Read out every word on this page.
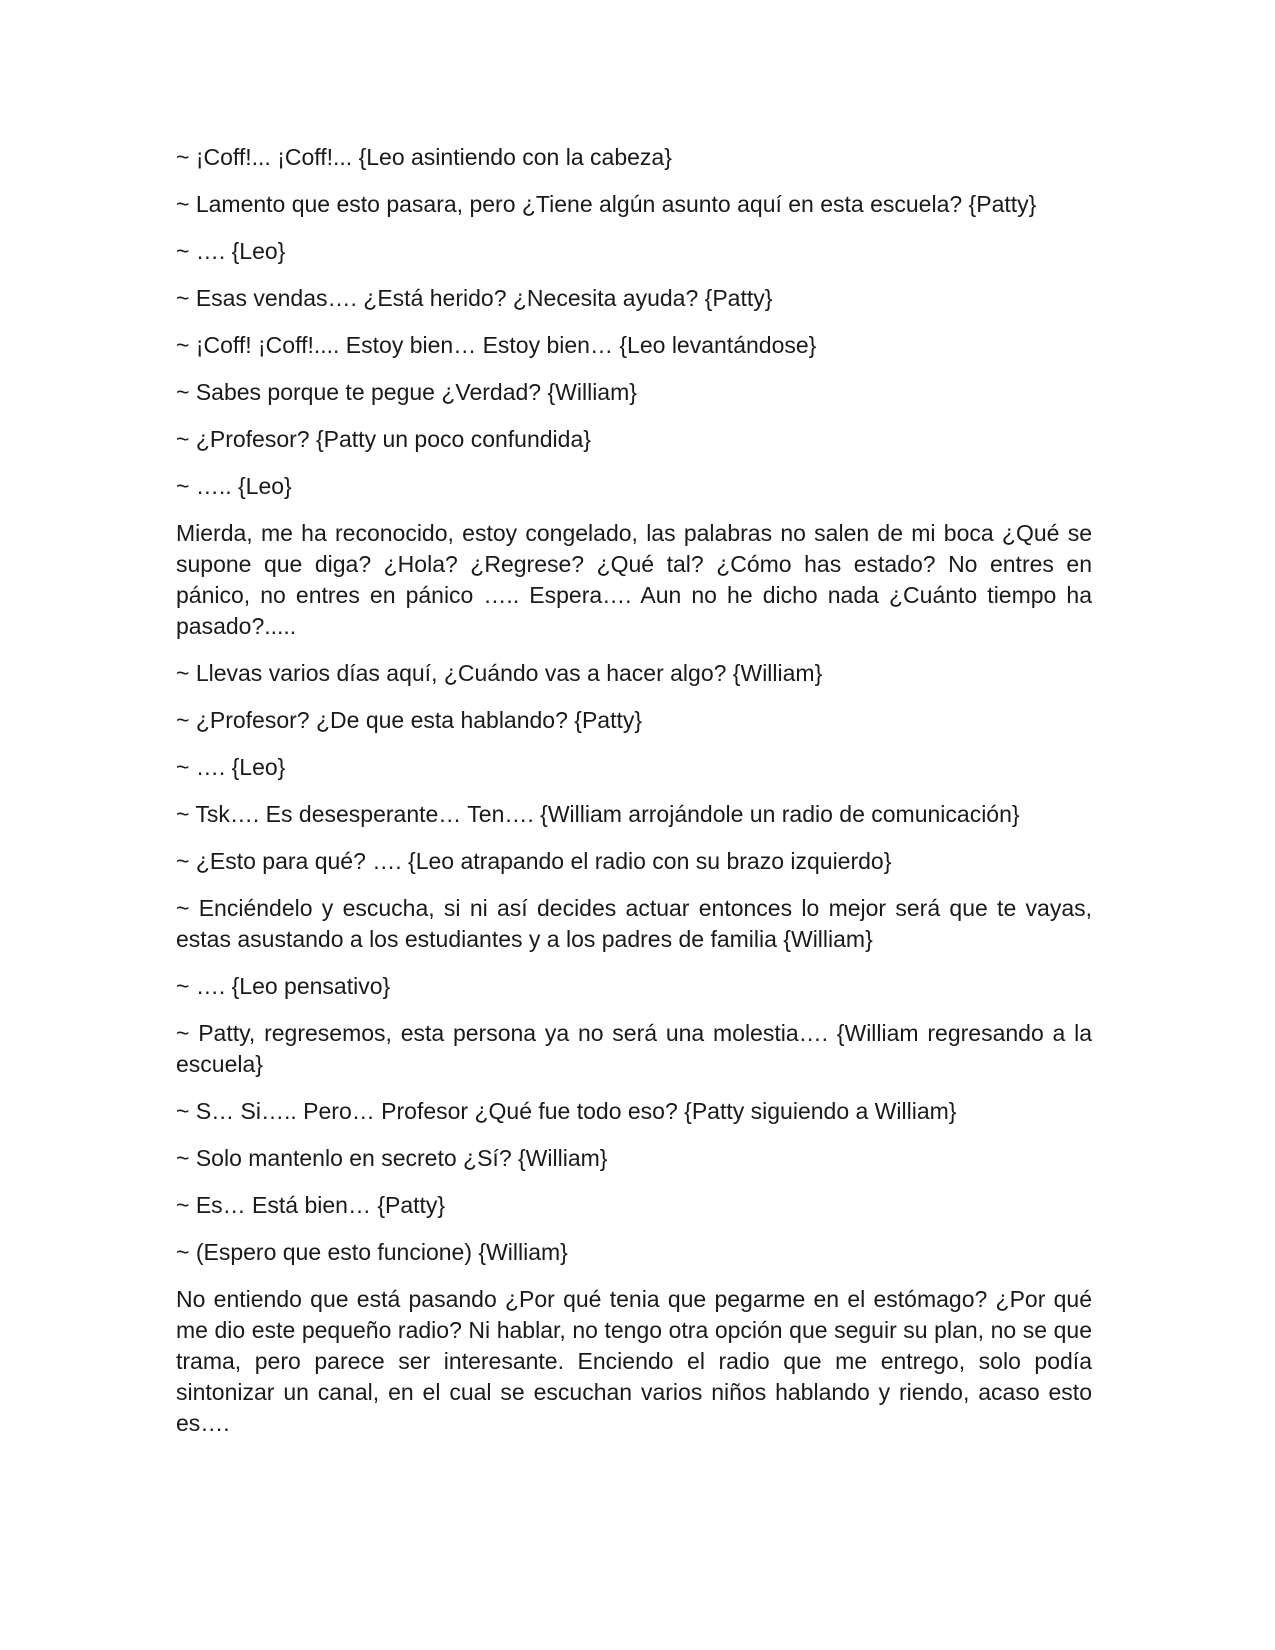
~ ¡Coff!... ¡Coff!... {Leo asintiendo con la cabeza}

~ Lamento que esto pasara, pero ¿Tiene algún asunto aquí en esta escuela? {Patty}

~ …. {Leo}

~ Esas vendas…. ¿Está herido? ¿Necesita ayuda? {Patty}

~ ¡Coff! ¡Coff!.... Estoy bien… Estoy bien… {Leo levantándose}

~ Sabes porque te pegue ¿Verdad? {William}

~ ¿Profesor? {Patty un poco confundida}

~ ….. {Leo}

Mierda, me ha reconocido, estoy congelado, las palabras no salen de mi boca ¿Qué se supone que diga? ¿Hola? ¿Regrese? ¿Qué tal? ¿Cómo has estado? No entres en pánico, no entres en pánico ….. Espera…. Aun no he dicho nada ¿Cuánto tiempo ha pasado?.....

~ Llevas varios días aquí, ¿Cuándo vas a hacer algo? {William}

~ ¿Profesor? ¿De que esta hablando? {Patty}

~ …. {Leo}

~ Tsk…. Es desesperante… Ten…. {William arrojándole un radio de comunicación}

~ ¿Esto para qué? …. {Leo atrapando el radio con su brazo izquierdo}

~ Enciéndelo y escucha, si ni así decides actuar entonces lo mejor será que te vayas, estas asustando a los estudiantes y a los padres de familia {William}

~ …. {Leo pensativo}

~ Patty, regresemos, esta persona ya no será una molestia…. {William regresando a la escuela}

~ S… Si….. Pero… Profesor ¿Qué fue todo eso? {Patty siguiendo a William}

~ Solo mantenlo en secreto ¿Sí? {William}

~ Es… Está bien… {Patty}

~ (Espero que esto funcione) {William}

No entiendo que está pasando ¿Por qué tenia que pegarme en el estómago? ¿Por qué me dio este pequeño radio? Ni hablar, no tengo otra opción que seguir su plan, no se que trama, pero parece ser interesante. Enciendo el radio que me entrego, solo podía sintonizar un canal, en el cual se escuchan varios niños hablando y riendo, acaso esto es….
